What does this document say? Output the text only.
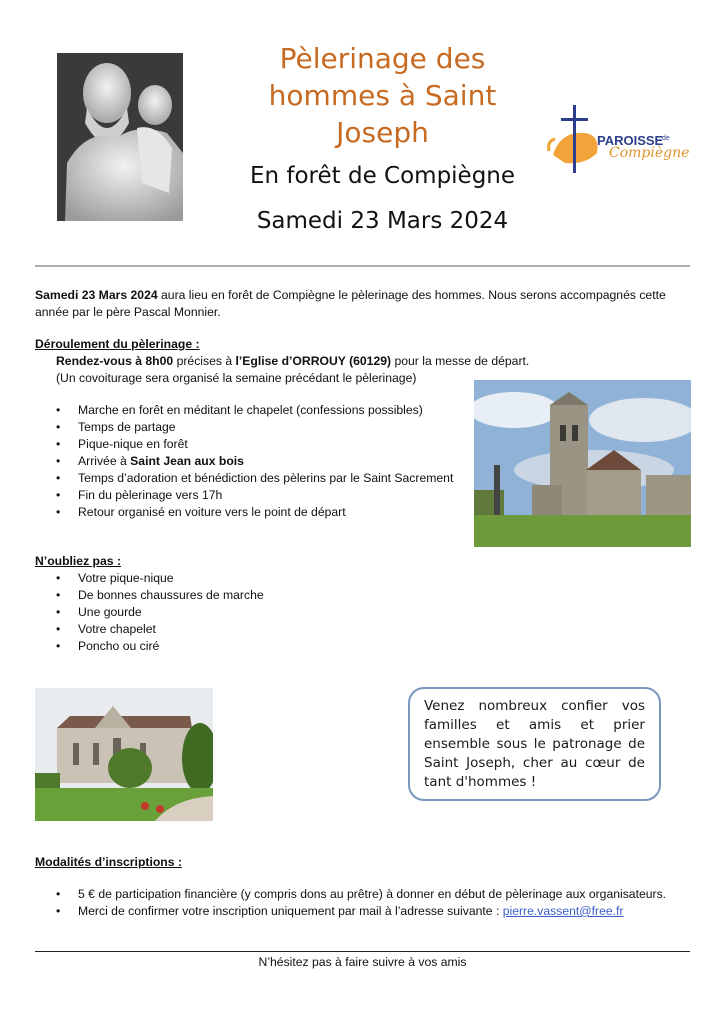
Pèlerinage des hommes à Saint Joseph
En forêt de Compiègne
Samedi 23 Mars 2024
PAROISSE
de
Compiègne
Samedi 23 Mars 2024 aura lieu en forêt de Compiègne le pèlerinage des hommes. Nous serons accompagnés cette année par le père Pascal Monnier.
Déroulement du pèlerinage :
Rendez-vous à 8h00 précises à l’Eglise d’ORROUY (60129) pour la messe de départ.
(Un covoiturage sera organisé la semaine précédant le pèlerinage)
• Marche en forêt en méditant le chapelet (confessions possibles)
• Temps de partage
• Pique-nique en forêt
• Arrivée à Saint Jean aux bois
• Temps d’adoration et bénédiction des pèlerins par le Saint Sacrement
• Fin du pèlerinage vers 17h
• Retour organisé en voiture vers le point de départ
N’oubliez pas :
• Votre pique-nique
• De bonnes chaussures de marche
• Une gourde
• Votre chapelet
• Poncho ou ciré
Venez nombreux confier vos familles et amis et prier ensemble sous le patronage de Saint Joseph, cher au cœur de tant d'hommes !
Modalités d’inscriptions :
• 5 € de participation financière (y compris dons au prêtre) à donner en début de pèlerinage aux organisateurs.
• Merci de confirmer votre inscription uniquement par mail à l’adresse suivante : pierre.vassent@free.fr
N’hésitez pas à faire suivre à vos amis
